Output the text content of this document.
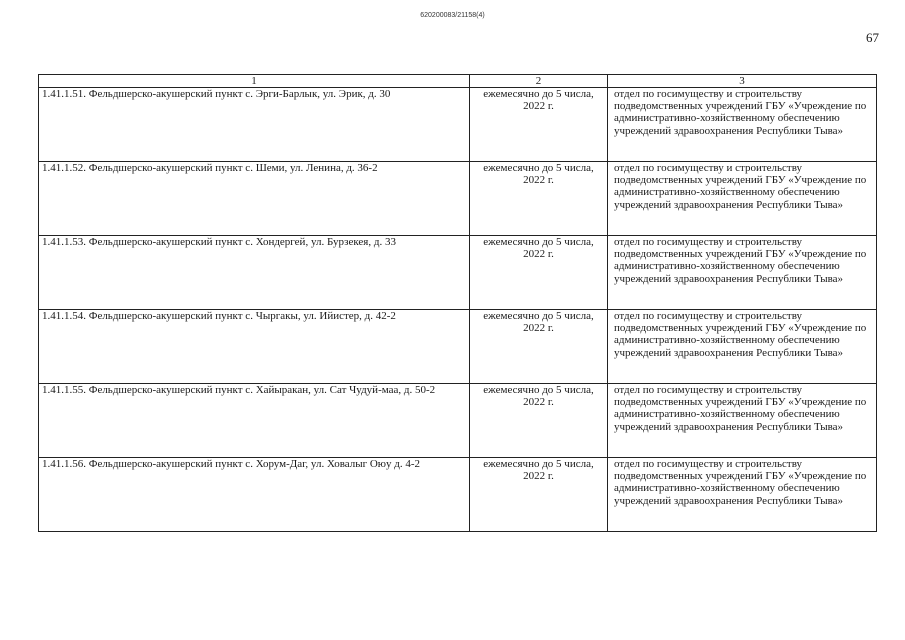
620200083/21158(4)
67
1	2	3
1.41.1.51. Фельдшерско-акушерский пункт с. Эрги-Барлык, ул. Эрик, д. 30	ежемесячно до 5 числа, 2022 г.	отдел по госимуществу и строительству подведомственных учреждений ГБУ «Учреждение по административно-хозяйственному обеспечению учреждений здравоохранения Республики Тыва»
1.41.1.52. Фельдшерско-акушерский пункт с. Шеми, ул. Ленина, д. 36-2	ежемесячно до 5 числа, 2022 г.	отдел по госимуществу и строительству подведомственных учреждений ГБУ «Учреждение по административно-хозяйственному обеспечению учреждений здравоохранения Республики Тыва»
1.41.1.53. Фельдшерско-акушерский пункт с. Хондергей, ул. Бурзекея, д. 33	ежемесячно до 5 числа, 2022 г.	отдел по госимуществу и строительству подведомственных учреждений ГБУ «Учреждение по административно-хозяйственному обеспечению учреждений здравоохранения Республики Тыва»
1.41.1.54. Фельдшерско-акушерский пункт с. Чыргакы, ул. Ийистер, д. 42-2	ежемесячно до 5 числа, 2022 г.	отдел по госимуществу и строительству подведомственных учреждений ГБУ «Учреждение по административно-хозяйственному обеспечению учреждений здравоохранения Республики Тыва»
1.41.1.55. Фельдшерско-акушерский пункт с. Хайыракан, ул. Сат Чудуй-маа, д. 50-2	ежемесячно до 5 числа, 2022 г.	отдел по госимуществу и строительству подведомственных учреждений ГБУ «Учреждение по административно-хозяйственному обеспечению учреждений здравоохранения Республики Тыва»
1.41.1.56. Фельдшерско-акушерский пункт с. Хорум-Даг, ул. Ховалыг Оюу д. 4-2	ежемесячно до 5 числа, 2022 г.	отдел по госимуществу и строительству подведомственных учреждений ГБУ «Учреждение по административно-хозяйственному обеспечению учреждений здравоохранения Республики Тыва»
